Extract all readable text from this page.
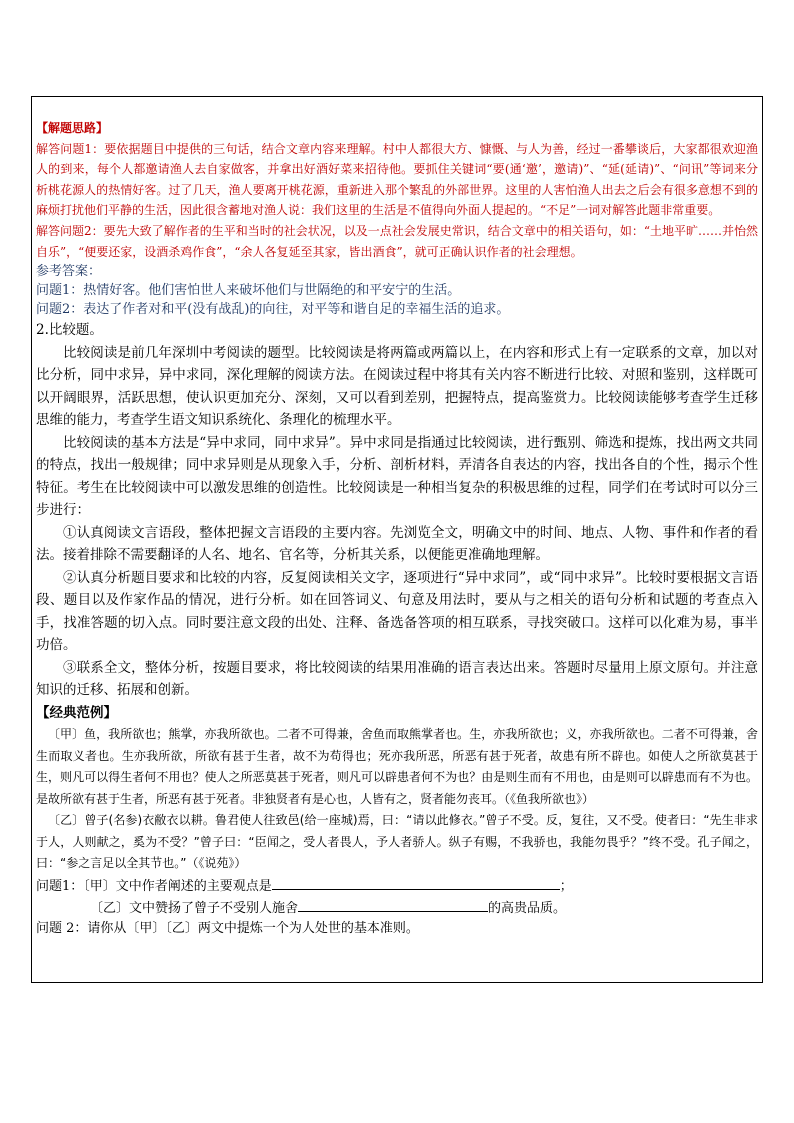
【解题思路】

解答问题1：要依据题目中提供的三句话，结合文章内容来理解。村中人都很大方、慷慨、与人为善，经过一番攀谈后，大家都很欢迎渔人的到来，每个人都邀请渔人去自家做客，并拿出好酒好菜来招待他。要抓住关键词“要(通‘邀’，邀请)”、“延(延请)”、“问讯”等词来分析桃花源人的热情好客。过了几天，渔人要离开桃花源，重新进入那个繁乱的外部世界。这里的人害怕渔人出去之后会有很多意想不到的麻烦打扰他们平静的生活，因此很含蓄地对渔人说：我们这里的生活是不值得向外面人提起的。“不足”一词对解答此题非常重要。

解答问题2：要先大致了解作者的生平和当时的社会状况，以及一点社会发展史常识，结合文章中的相关语句，如：“土地平旷……并怡然自乐”，“便要还家，设酒杀鸡作食”，“余人各复延至其家，皆出酒食”，就可正确认识作者的社会理想。

参考答案：

问题1：热情好客。他们害怕世人来破坏他们与世隔绝的和平安宁的生活。

问题2：表达了作者对和平(没有战乱)的向往，对平等和谐自足的幸福生活的追求。

2.比较题。

比较阅读是前几年深圳中考阅读的题型。比较阅读是将两篇或两篇以上，在内容和形式上有一定联系的文章，加以对比分析，同中求异，异中求同，深化理解的阅读方法。在阅读过程中将其有关内容不断进行比较、对照和鉴别，这样既可以开阔眼界，活跃思想，使认识更加充分、深刻，又可以看到差别，把握特点，提高鉴赏力。比较阅读能够考查学生迁移思维的能力，考查学生语文知识系统化、条理化的梳理水平。

比较阅读的基本方法是“异中求同，同中求异”。异中求同是指通过比较阅读，进行甄别、筛选和提炼，找出两文共同的特点，找出一般规律；同中求异则是从现象入手，分析、剖析材料，弄清各自表达的内容，找出各自的个性，揭示个性特征。考生在比较阅读中可以激发思维的创造性。比较阅读是一种相当复杂的积极思维的过程，同学们在考试时可以分三步进行：

①认真阅读文言语段，整体把握文言语段的主要内容。先浏览全文，明确文中的时间、地点、人物、事件和作者的看法。接着排除不需要翻译的人名、地名、官名等，分析其关系，以便能更准确地理解。

②认真分析题目要求和比较的内容，反复阅读相关文字，逐项进行“异中求同”，或“同中求异”。比较时要根据文言语段、题目以及作家作品的情况，进行分析。如在回答词义、句意及用法时，要从与之相关的语句分析和试题的考查点入手，找准答题的切入点。同时要注意文段的出处、注释、备选备答项的相互联系，寻找突破口。这样可以化难为易，事半功倍。

③联系全文，整体分析，按题目要求，将比较阅读的结果用准确的语言表达出来。答题时尽量用上原文原句。并注意知识的迁移、拓展和创新。

【经典范例】

〔甲〕鱼，我所欲也；熊掌，亦我所欲也。二者不可得兼，舍鱼而取熊掌者也。生，亦我所欲也；义，亦我所欲也。二者不可得兼，舍生而取义者也。生亦我所欲，所欲有甚于生者，故不为苟得也；死亦我所恶，所恶有甚于死者，故患有所不辟也。如使人之所欲莫甚于生，则凡可以得生者何不用也？使人之所恶莫甚于死者，则凡可以辟患者何不为也？由是则生而有不用也，由是则可以辟患而有不为也。是故所欲有甚于生者，所恶有甚于死者。非独贤者有是心也，人皆有之，贤者能勿丧耳。（《鱼我所欲也》）

〔乙〕曾子(名参)衣敝衣以耕。鲁君使人往致邑(给一座城)焉，曰：“请以此修衣。”曾子不受。反，复往，又不受。使者曰：“先生非求于人，人则献之，奚为不受？”曾子曰：“臣闻之，受人者畏人，予人者骄人。纵子有赐，不我骄也，我能勿畏乎？”终不受。孔子闻之，曰：“参之言足以全其节也。”（《说苑》）

问题1：〔甲〕文中作者阐述的主要观点是	；

〔乙〕文中赞扬了曾子不受别人施舍	的高贵品质。

问题 2：请你从〔甲〕〔乙〕两文中提炼一个为人处世的基本准则。
